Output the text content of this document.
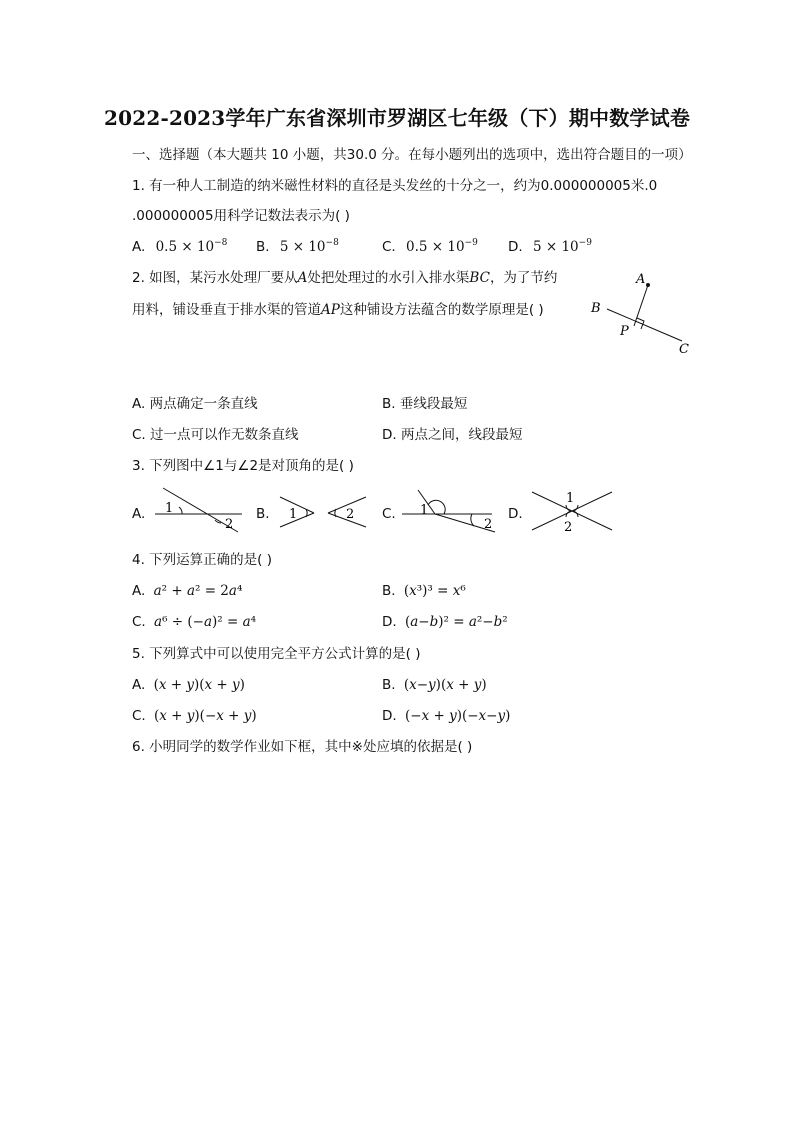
2022-2023学年广东省深圳市罗湖区七年级（下）期中数学试卷
一、选择题（本大题共 10 小题，共30.0 分。在每小题列出的选项中，选出符合题目的一项）
1. 有一种人工制造的纳米磁性材料的直径是头发丝的十分之一，约为0.000000005米.0
.000000005用科学记数法表示为( )
A. $0.5 \times 10^{-8}$ B. $5 \times 10^{-8}$	C. $0.5 \times 10^{-9}$ D. $5 \times 10^{-9}$
2. 如图，某污水处理厂要从A处把处理过的水引入排水渠BC，为了节约
用料，铺设垂直于排水渠的管道AP这种铺设方法蕴含的数学原理是( )
A
B
P
C
A. 两点确定一条直线	B. 垂线段最短
C. 过一点可以作无数条直线	D. 两点之间，线段最短
3. 下列图中∠1与∠2是对顶角的是( )
A. 1
2
B. 1	2 C. 1
2
D.
1
2
4. 下列运算正确的是( )
A. 𝑎² + 𝑎² = 2𝑎⁴	B. (𝑥³)³ = 𝑥⁶
C. 𝑎⁶ ÷ (−𝑎)² = 𝑎⁴	D. (𝑎−𝑏)² = 𝑎²−𝑏²
5. 下列算式中可以使用完全平方公式计算的是( )
A. (𝑥 + 𝑦)(𝑥 + 𝑦)	B. (𝑥−𝑦)(𝑥 + 𝑦)
C. (𝑥 + 𝑦)(−𝑥 + 𝑦)	D. (−𝑥 + 𝑦)(−𝑥−𝑦)
6. 小明同学的数学作业如下框，其中※处应填的依据是( )
